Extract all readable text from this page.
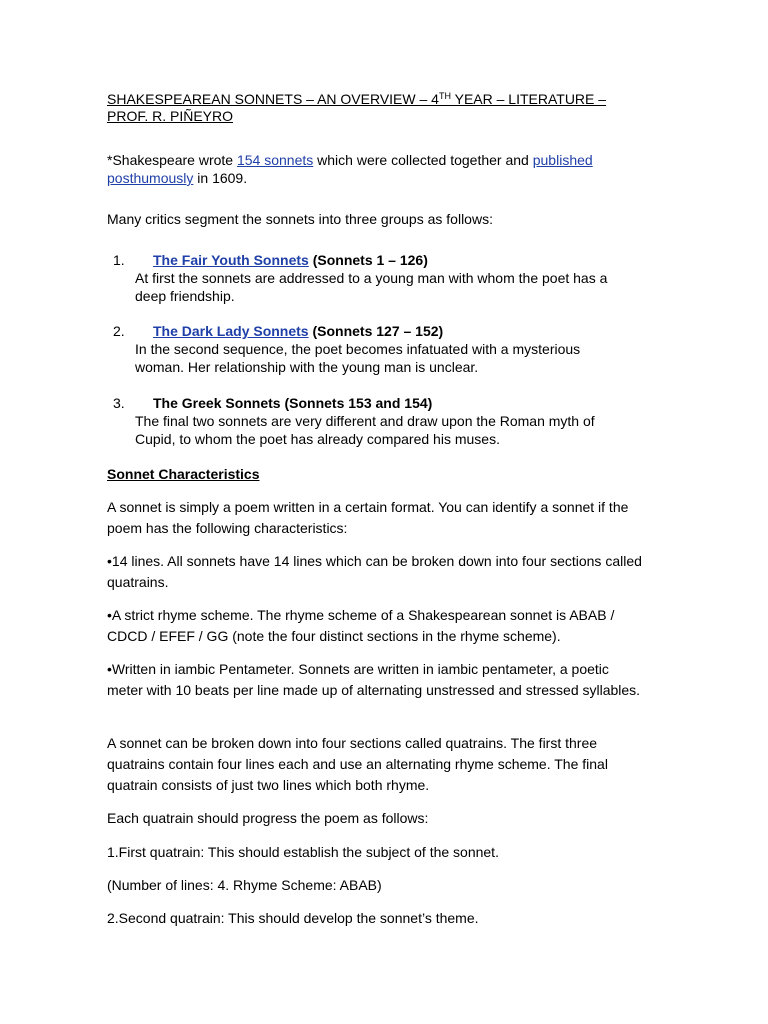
SHAKESPEAREAN SONNETS – AN OVERVIEW – 4TH YEAR – LITERATURE –
PROF. R. PIÑEYRO
*Shakespeare wrote 154 sonnets which were collected together and published
posthumously in 1609.
Many critics segment the sonnets into three groups as follows:
1.	The Fair Youth Sonnets (Sonnets 1 – 126)
At first the sonnets are addressed to a young man with whom the poet has a
deep friendship.
2.	The Dark Lady Sonnets (Sonnets 127 – 152)
In the second sequence, the poet becomes infatuated with a mysterious
woman. Her relationship with the young man is unclear.
3.	The Greek Sonnets (Sonnets 153 and 154)
The final two sonnets are very different and draw upon the Roman myth of
Cupid, to whom the poet has already compared his muses.
Sonnet Characteristics
A sonnet is simply a poem written in a certain format. You can identify a sonnet if the poem has the following characteristics:
•14 lines. All sonnets have 14 lines which can be broken down into four sections called quatrains.
•A strict rhyme scheme. The rhyme scheme of a Shakespearean sonnet is ABAB / CDCD / EFEF / GG (note the four distinct sections in the rhyme scheme).
•Written in iambic Pentameter. Sonnets are written in iambic pentameter, a poetic meter with 10 beats per line made up of alternating unstressed and stressed syllables.
A sonnet can be broken down into four sections called quatrains. The first three quatrains contain four lines each and use an alternating rhyme scheme. The final quatrain consists of just two lines which both rhyme.
Each quatrain should progress the poem as follows:
1.First quatrain: This should establish the subject of the sonnet.
(Number of lines: 4. Rhyme Scheme: ABAB)
2.Second quatrain: This should develop the sonnet’s theme.
